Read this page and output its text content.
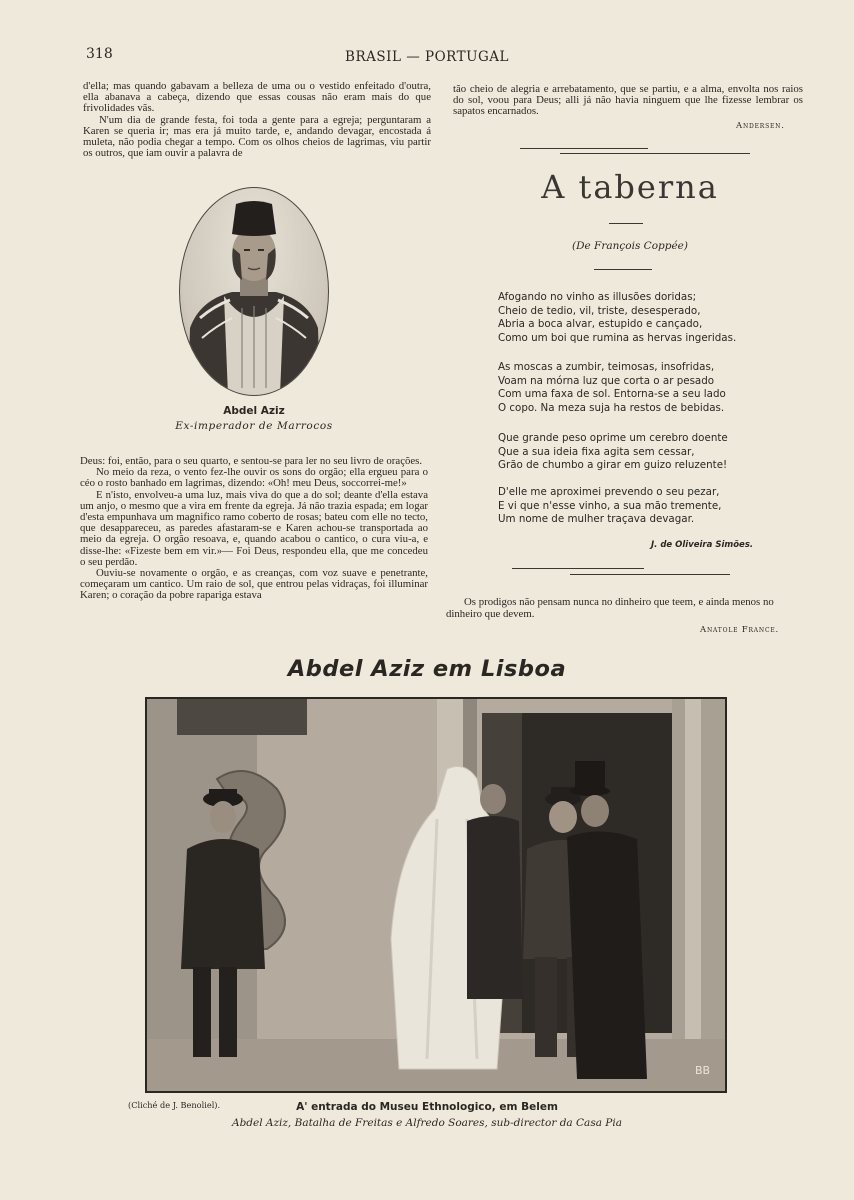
318	BRASIL — PORTUGAL

d'ella; mas quando gabavam a belleza de uma ou o vestido enfeitado d'outra, ella abanava a cabeça, dizendo que essas cousas não eram mais do que frivolidades vãs.

N'um dia de grande festa, foi toda a gente para a egreja; perguntaram a Karen se queria ir; mas era já muito tarde, e, andando devagar, encostada á muleta, não podia chegar a tempo. Com os olhos cheios de lagrimas, viu partir os outros, que iam ouvir a palavra de

Abdel Aziz
Ex-imperador de Marrocos

Deus: foi, então, para o seu quarto, e sentou-se para ler no seu livro de orações.

No meio da reza, o vento fez-lhe ouvir os sons do orgão; ella ergueu para o céo o rosto banhado em lagrimas, dizendo: «Oh! meu Deus, soccorrei-me!»

E n'isto, envolveu-a uma luz, mais viva do que a do sol; deante d'ella estava um anjo, o mesmo que a vira em frente da egreja. Já não trazia espada; em logar d'esta empunhava um magnifico ramo coberto de rosas; bateu com elle no tecto, que desappareceu, as paredes afastaram-se e Karen achou-se transportada ao meio da egreja. O orgão resoava, e, quando acabou o cantico, o cura viu-a, e disse-lhe: «Fizeste bem em vir.»— Foi Deus, respondeu ella, que me concedeu o seu perdão.

Ouviu-se novamente o orgão, e as creanças, com voz suave e penetrante, começaram um cantico. Um raio de sol, que entrou pelas vidraças, foi illuminar Karen; o coração da pobre rapariga estava

tão cheio de alegria e arrebatamento, que se partiu, e a alma, envolta nos raios do sol, voou para Deus; alli já não havia ninguem que lhe fizesse lembrar os sapatos encarnados.

Andersen.
A taberna
(De François Coppée)
Afogando no vinho as illusões doridas;
Cheio de tedio, vil, triste, desesperado,
Abria a boca alvar, estupido e cançado,
Como um boi que rumina as hervas ingeridas.
As moscas a zumbir, teimosas, insofridas,
Voam na mórna luz que corta o ar pesado
Com uma faxa de sol. Entorna-se a seu lado
O copo. Na meza suja ha restos de bebidas.
Que grande peso oprime um cerebro doente
Que a sua ideia fixa agita sem cessar,
Grão de chumbo a girar em guizo reluzente!
D'elle me aproximei prevendo o seu pezar,
E vi que n'esse vinho, a sua mão tremente,
Um nome de mulher traçava devagar.
J. de Oliveira Simões.
Os prodigos não pensam nunca no dinheiro que teem, e ainda menos no dinheiro que devem.
Anatole France.
Abdel Aziz em Lisboa
BB
(Cliché de J. Benoliel).	A' entrada do Museu Ethnologico, em Belem
Abdel Aziz, Batalha de Freitas e Alfredo Soares, sub-director da Casa Pia
